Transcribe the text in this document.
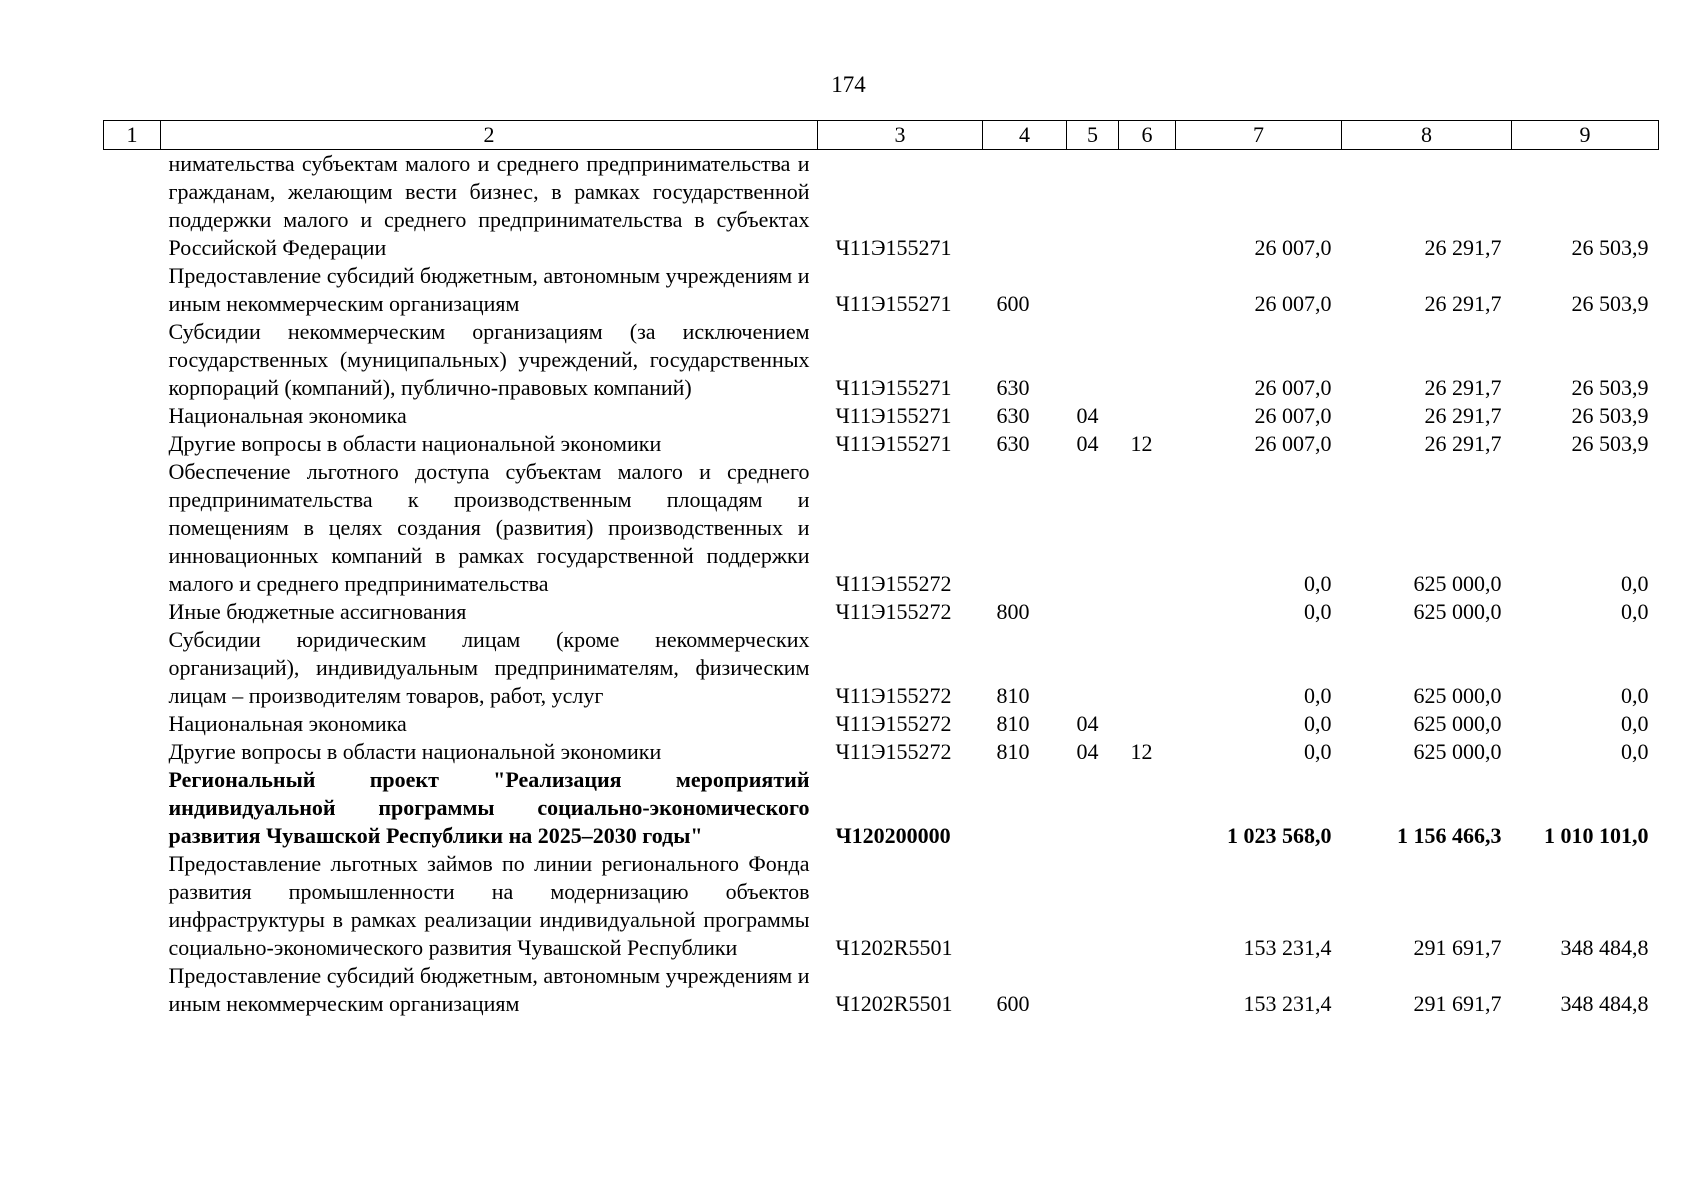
174
1	2	3	4	5	6	7	8	9
	нимательства субъектам малого и среднего предпринимательства и гражданам, желающим вести бизнес, в рамках государственной поддержки малого и среднего предпринимательства в субъектах Российской Федерации	Ч11Э155271				26 007,0	26 291,7	26 503,9
	Предоставление субсидий бюджетным, автономным учреждениям и иным некоммерческим организациям	Ч11Э155271	600			26 007,0	26 291,7	26 503,9
	Субсидии некоммерческим организациям (за исключением государственных (муниципальных) учреждений, государственных корпораций (компаний), публично-правовых компаний)	Ч11Э155271	630			26 007,0	26 291,7	26 503,9
	Национальная экономика	Ч11Э155271	630	04		26 007,0	26 291,7	26 503,9
	Другие вопросы в области национальной экономики	Ч11Э155271	630	04	12	26 007,0	26 291,7	26 503,9
	Обеспечение льготного доступа субъектам малого и среднего предпринимательства к производственным площадям и помещениям в целях создания (развития) производственных и инновационных компаний в рамках государственной поддержки малого и среднего предпринимательства	Ч11Э155272				0,0	625 000,0	0,0
	Иные бюджетные ассигнования	Ч11Э155272	800			0,0	625 000,0	0,0
	Субсидии юридическим лицам (кроме некоммерческих организаций), индивидуальным предпринимателям, физическим лицам – производителям товаров, работ, услуг	Ч11Э155272	810			0,0	625 000,0	0,0
	Национальная экономика	Ч11Э155272	810	04		0,0	625 000,0	0,0
	Другие вопросы в области национальной экономики	Ч11Э155272	810	04	12	0,0	625 000,0	0,0
	Региональный проект "Реализация мероприятий индивидуальной программы социально-экономического развития Чувашской Республики на 2025–2030 годы"	Ч120200000				1 023 568,0	1 156 466,3	1 010 101,0
	Предоставление льготных займов по линии регионального Фонда развития промышленности на модернизацию объектов инфраструктуры в рамках реализации индивидуальной программы социально-экономического развития Чувашской Республики	Ч1202R5501				153 231,4	291 691,7	348 484,8
	Предоставление субсидий бюджетным, автономным учреждениям и иным некоммерческим организациям	Ч1202R5501	600			153 231,4	291 691,7	348 484,8
